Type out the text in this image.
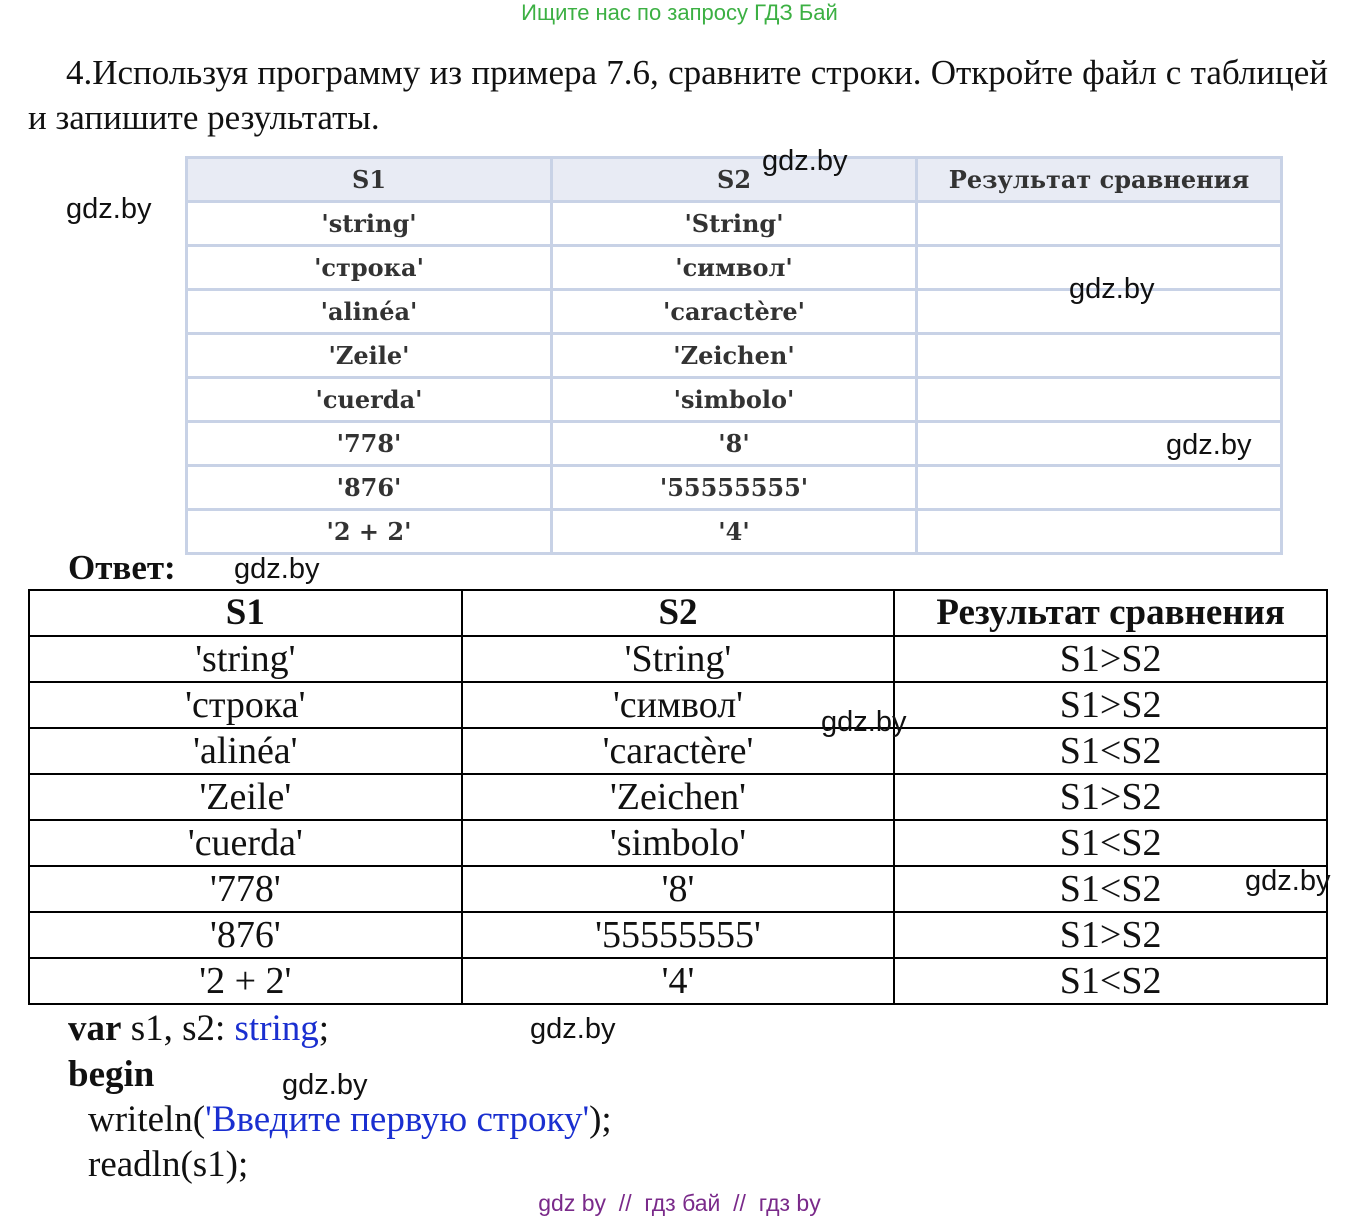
Ищите нас по запросу ГДЗ Бай
4.Используя программу из примера 7.6, сравните строки. Откройте файл с таблицей и запишите результаты.
S1	S2	Результат сравнения
'string'	'String'	
'строка'	'символ'	
'alinéa'	'caractère'	
'Zeile'	'Zeichen'	
'cuerda'	'simbolo'	
'778'	'8'	
'876'	'55555555'	
'2 + 2'	'4'	
Ответ:
S1	S2	Результат сравнения
'string'	'String'	S1>S2
'строка'	'символ'	S1>S2
'alinéa'	'caractère'	S1<S2
'Zeile'	'Zeichen'	S1>S2
'cuerda'	'simbolo'	S1<S2
'778'	'8'	S1<S2
'876'	'55555555'	S1>S2
'2 + 2'	'4'	S1<S2
var s1, s2: string;
begin
writeln('Введите первую строку');
readln(s1);
gdz.by
gdz.by
gdz.by
gdz.by
gdz.by
gdz.by
gdz.by
gdz.by
gdz.by
gdz by  //  гдз бай  //  гдз by
